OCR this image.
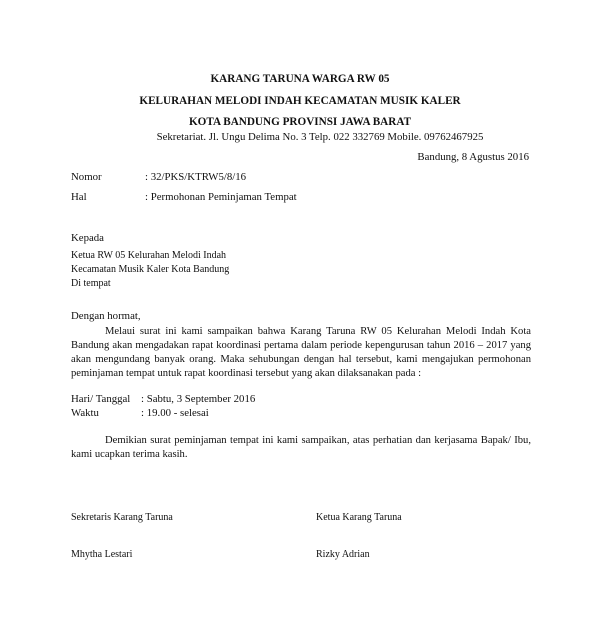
KARANG TARUNA WARGA RW 05
KELURAHAN MELODI INDAH KECAMATAN MUSIK KALER
KOTA BANDUNG PROVINSI JAWA BARAT
Sekretariat. Jl. Ungu Delima No. 3 Telp. 022 332769 Mobile. 09762467925
Bandung, 8 Agustus 2016
Nomor	: 32/PKS/KTRW5/8/16
Hal	: Permohonan Peminjaman Tempat
Kepada
Ketua RW 05 Kelurahan Melodi Indah
Kecamatan Musik Kaler Kota Bandung
Di tempat
Dengan hormat,
Melaui surat ini kami sampaikan bahwa Karang Taruna RW 05 Kelurahan Melodi Indah Kota Bandung akan mengadakan rapat koordinasi pertama dalam periode kepengurusan tahun 2016 – 2017 yang akan mengundang banyak orang. Maka sehubungan dengan hal tersebut, kami mengajukan permohonan peminjaman tempat untuk rapat koordinasi tersebut yang akan dilaksanakan pada :
Hari/ Tanggal : Sabtu, 3 September 2016
Waktu	: 19.00 - selesai
Demikian surat peminjaman tempat ini kami sampaikan, atas perhatian dan kerjasama Bapak/ Ibu, kami ucapkan terima kasih.
Sekretaris Karang Taruna	Ketua Karang Taruna
Mhytha Lestari	Rizky Adrian
